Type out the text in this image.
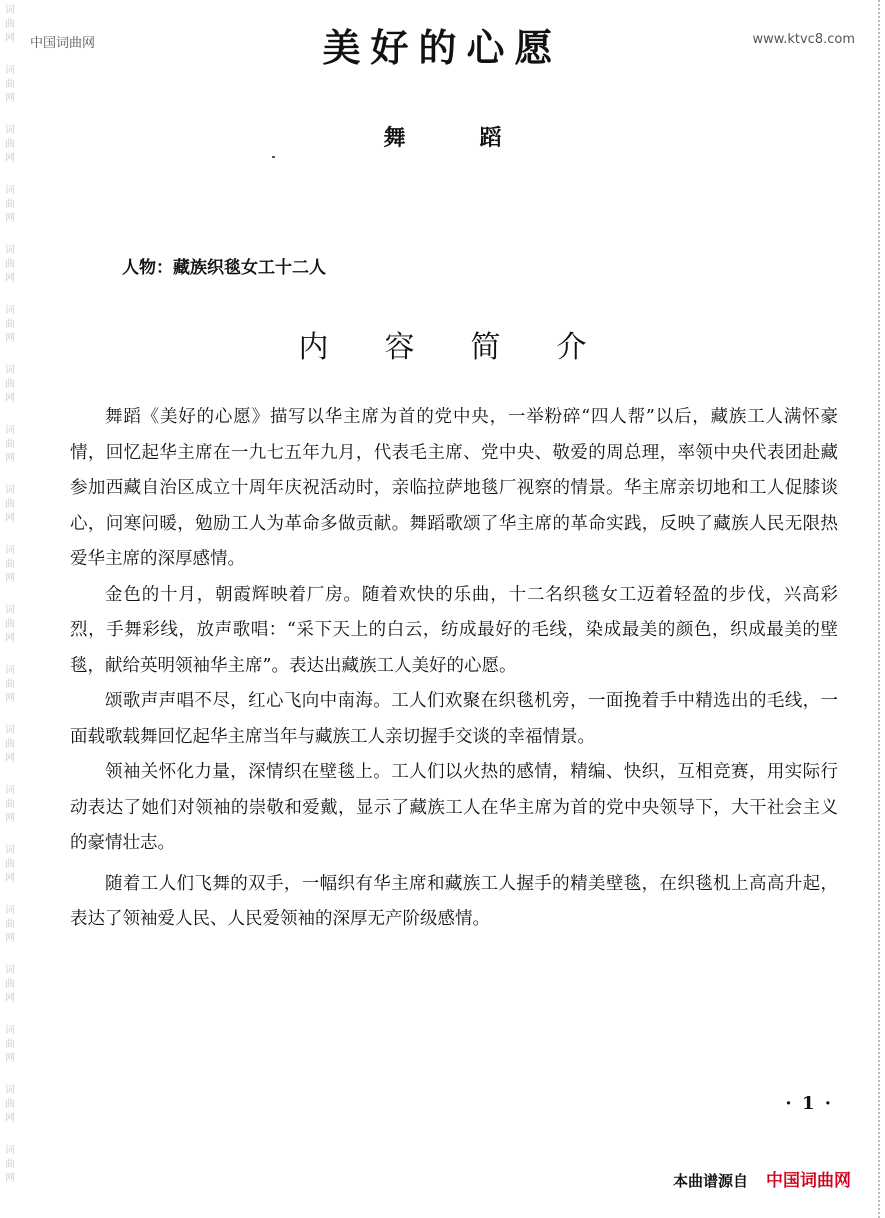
词
曲
网
词
曲
网
词
曲
网
词
曲
网
词
曲
网
词
曲
网
词
曲
网
词
曲
网
词
曲
网
词
曲
网
词
曲
网
词
曲
网
词
曲
网
词
曲
网
词
曲
网
词
曲
网
词
曲
网
词
曲
网
词
曲
网
词
曲
网
中国词曲网	www.ktvc8.com
美好的心愿
舞蹈
人物：藏族织毯女工十二人
内容简介

舞蹈《美好的心愿》描写以华主席为首的党中央，一举粉碎“四人帮”以后，藏族工人满怀豪情，回忆起华主席在一九七五年九月，代表毛主席、党中央、敬爱的周总理，率领中央代表团赴藏参加西藏自治区成立十周年庆祝活动时，亲临拉萨地毯厂视察的情景。华主席亲切地和工人促膝谈心，问寒问暖，勉励工人为革命多做贡献。舞蹈歌颂了华主席的革命实践，反映了藏族人民无限热爱华主席的深厚感情。

金色的十月，朝霞辉映着厂房。随着欢快的乐曲，十二名织毯女工迈着轻盈的步伐，兴高彩烈，手舞彩线，放声歌唱：“采下天上的白云，纺成最好的毛线，染成最美的颜色，织成最美的壁毯，献给英明领袖华主席”。表达出藏族工人美好的心愿。

颂歌声声唱不尽，红心飞向中南海。工人们欢聚在织毯机旁，一面挽着手中精选出的毛线，一面载歌载舞回忆起华主席当年与藏族工人亲切握手交谈的幸福情景。

领袖关怀化力量，深情织在壁毯上。工人们以火热的感情，精编、快织，互相竞赛，用实际行动表达了她们对领袖的崇敬和爱戴，显示了藏族工人在华主席为首的党中央领导下，大干社会主义的豪情壮志。

随着工人们飞舞的双手，一幅织有华主席和藏族工人握手的精美壁毯，在织毯机上高高升起，表达了领袖爱人民、人民爱领袖的深厚无产阶级感情。

· 1 ·
本曲谱源自 中国词曲网
